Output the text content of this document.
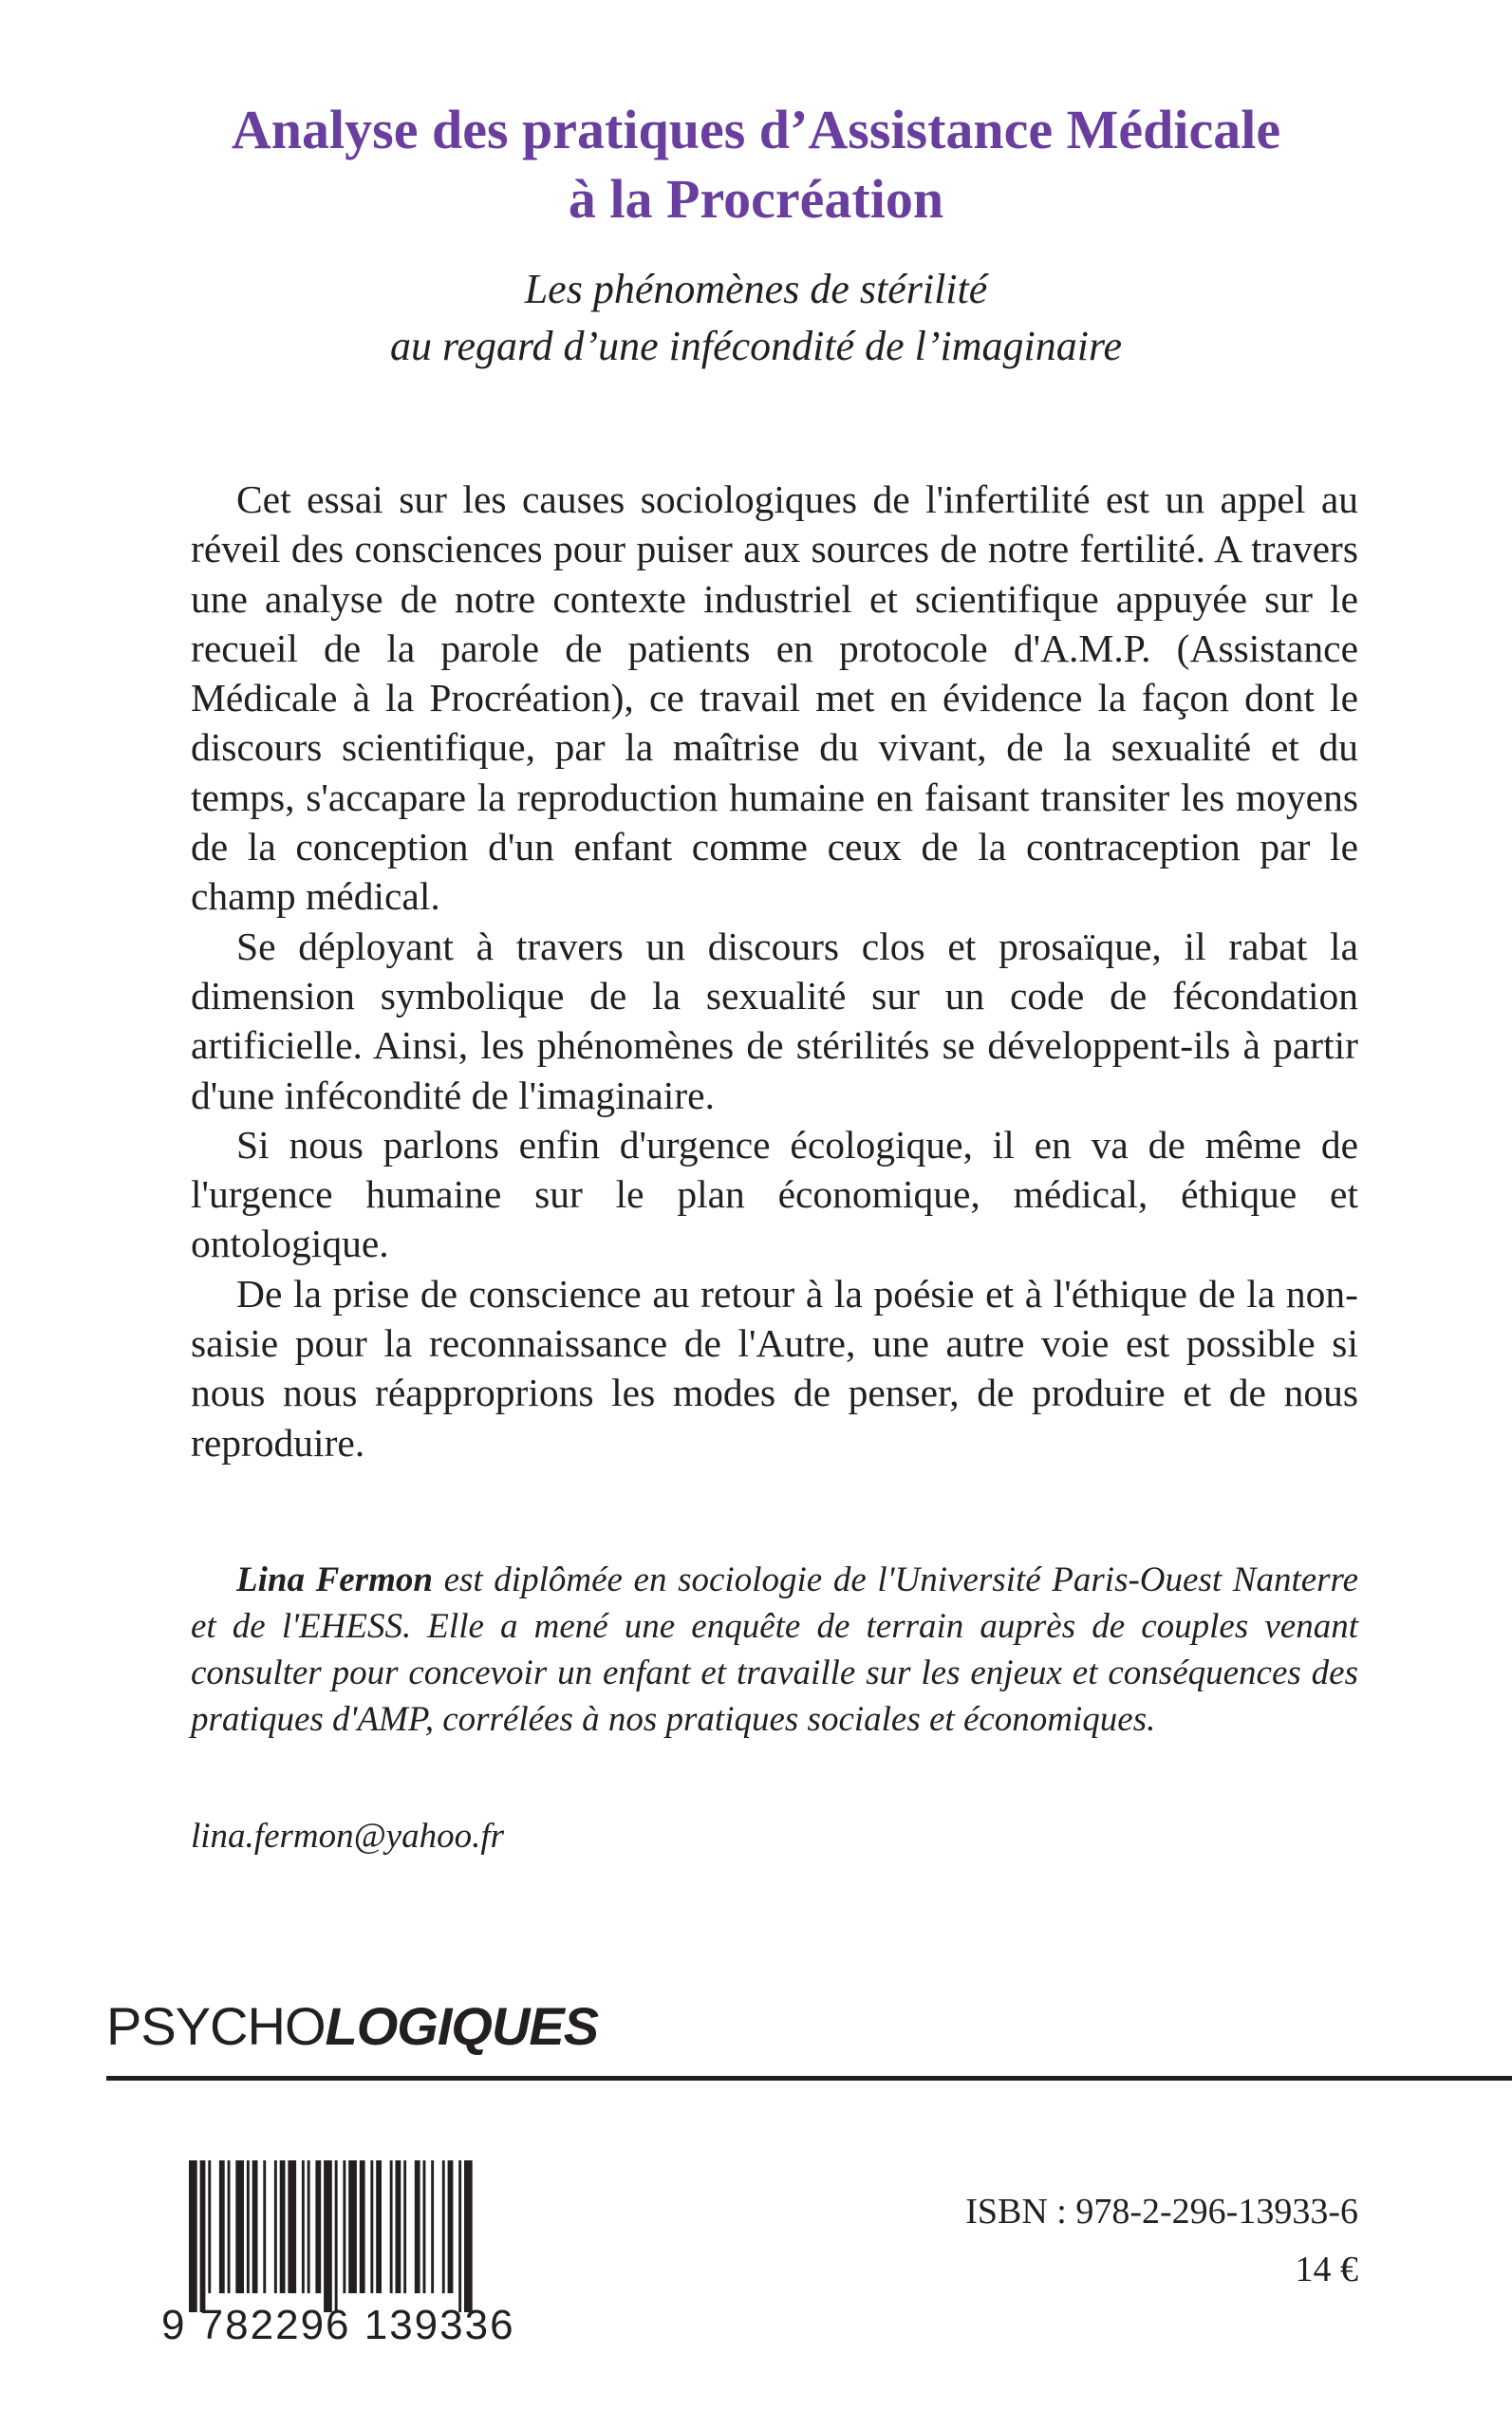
Analyse des pratiques d’Assistance Médicale
à la Procréation
Les phénomènes de stérilité
au regard d’une infécondité de l’imaginaire

Cet essai sur les causes sociologiques de l'infertilité est un appel au réveil des consciences pour puiser aux sources de notre fertilité. A travers une analyse de notre contexte industriel et scientifique appuyée sur le recueil de la parole de patients en protocole d'A.M.P. (Assistance Médicale à la Procréation), ce travail met en évidence la façon dont le discours scientifique, par la maîtrise du vivant, de la sexualité et du temps, s'accapare la reproduction humaine en faisant transiter les moyens de la conception d'un enfant comme ceux de la contraception par le champ médical.

Se déployant à travers un discours clos et prosaïque, il rabat la dimension symbolique de la sexualité sur un code de fécondation artificielle. Ainsi, les phénomènes de stérilités se développent-ils à partir d'une infécondité de l'imaginaire.

Si nous parlons enfin d'urgence écologique, il en va de même de l'urgence humaine sur le plan économique, médical, éthique et ontologique.

De la prise de conscience au retour à la poésie et à l'éthique de la non-saisie pour la reconnaissance de l'Autre, une autre voie est possible si nous nous réapproprions les modes de penser, de produire et de nous reproduire.

Lina Fermon est diplômée en sociologie de l'Université Paris-Ouest Nanterre et de l'EHESS. Elle a mené une enquête de terrain auprès de couples venant consulter pour concevoir un enfant et travaille sur les enjeux et conséquences des pratiques d'AMP, corrélées à nos pratiques sociales et économiques.

lina.fermon@yahoo.fr
PSYCHOLOGIQUES
9 782296 139336
ISBN : 978-2-296-13933-6
14 €
